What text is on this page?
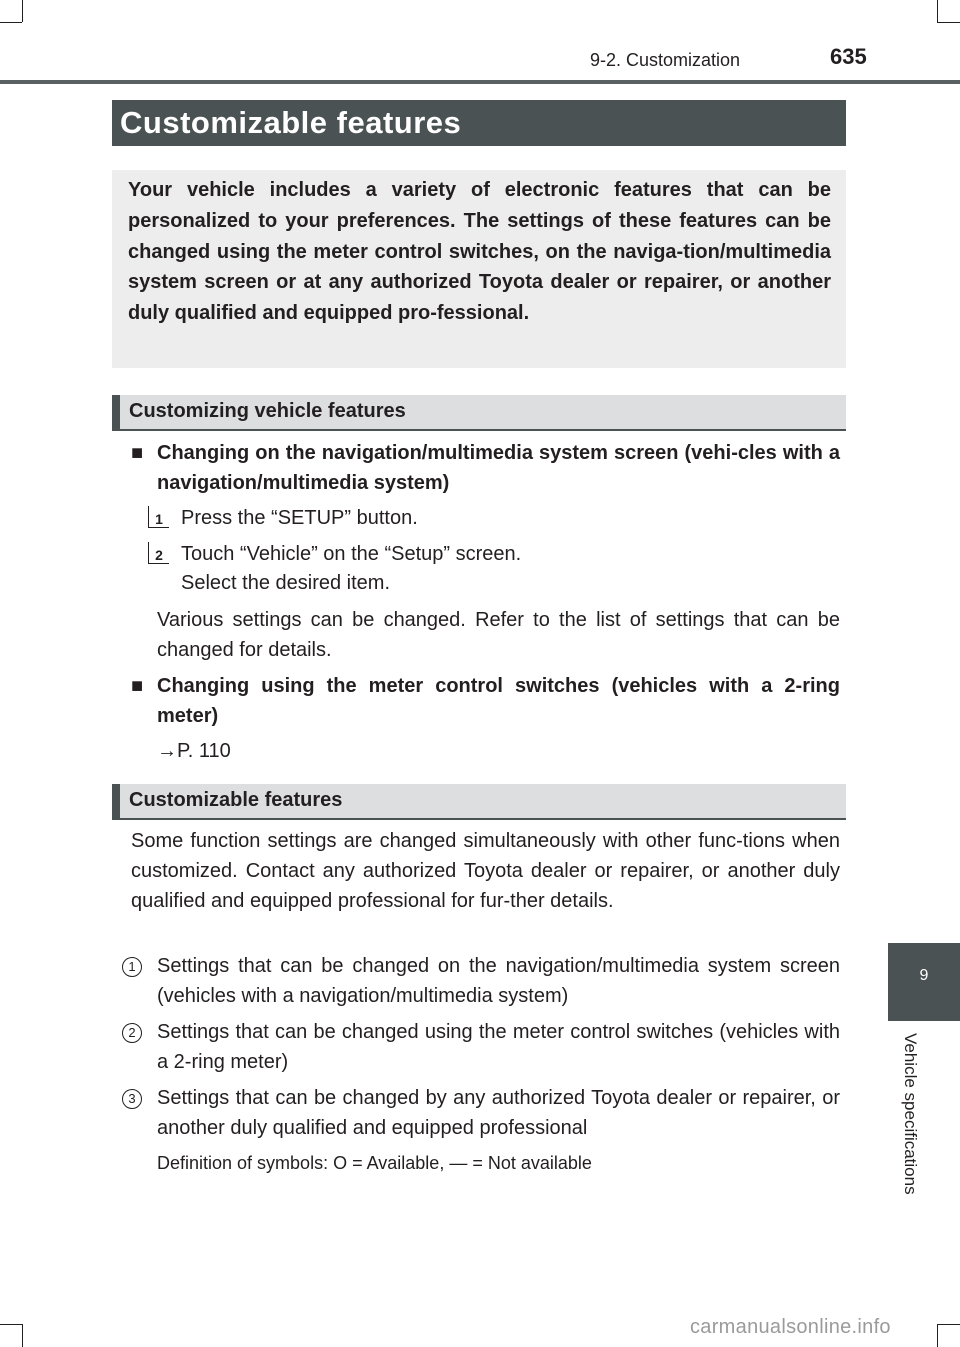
9-2. Customization	635
Customizable features
Your vehicle includes a variety of electronic features that can be personalized to your preferences. The settings of these features can be changed using the meter control switches, on the naviga-tion/multimedia system screen or at any authorized Toyota dealer or repairer, or another duly qualified and equipped pro-fessional.
Customizing vehicle features
■ Changing on the navigation/multimedia system screen (vehi-cles with a navigation/multimedia system)
1 Press the “SETUP” button.
2 Touch “Vehicle” on the “Setup” screen.
Select the desired item.
Various settings can be changed. Refer to the list of settings that can be changed for details.
■ Changing using the meter control switches (vehicles with a 2-ring meter)
→P. 110
Customizable features
Some function settings are changed simultaneously with other func-tions when customized. Contact any authorized Toyota dealer or repairer, or another duly qualified and equipped professional for fur-ther details.
1	Settings that can be changed on the navigation/multimedia system screen (vehicles with a navigation/multimedia system)
2	Settings that can be changed using the meter control switches (vehicles with a 2-ring meter)
3	Settings that can be changed by any authorized Toyota dealer or repairer, or another duly qualified and equipped professional
Definition of symbols: O = Available, — = Not available
9
Vehicle specifications
carmanualsonline.info
